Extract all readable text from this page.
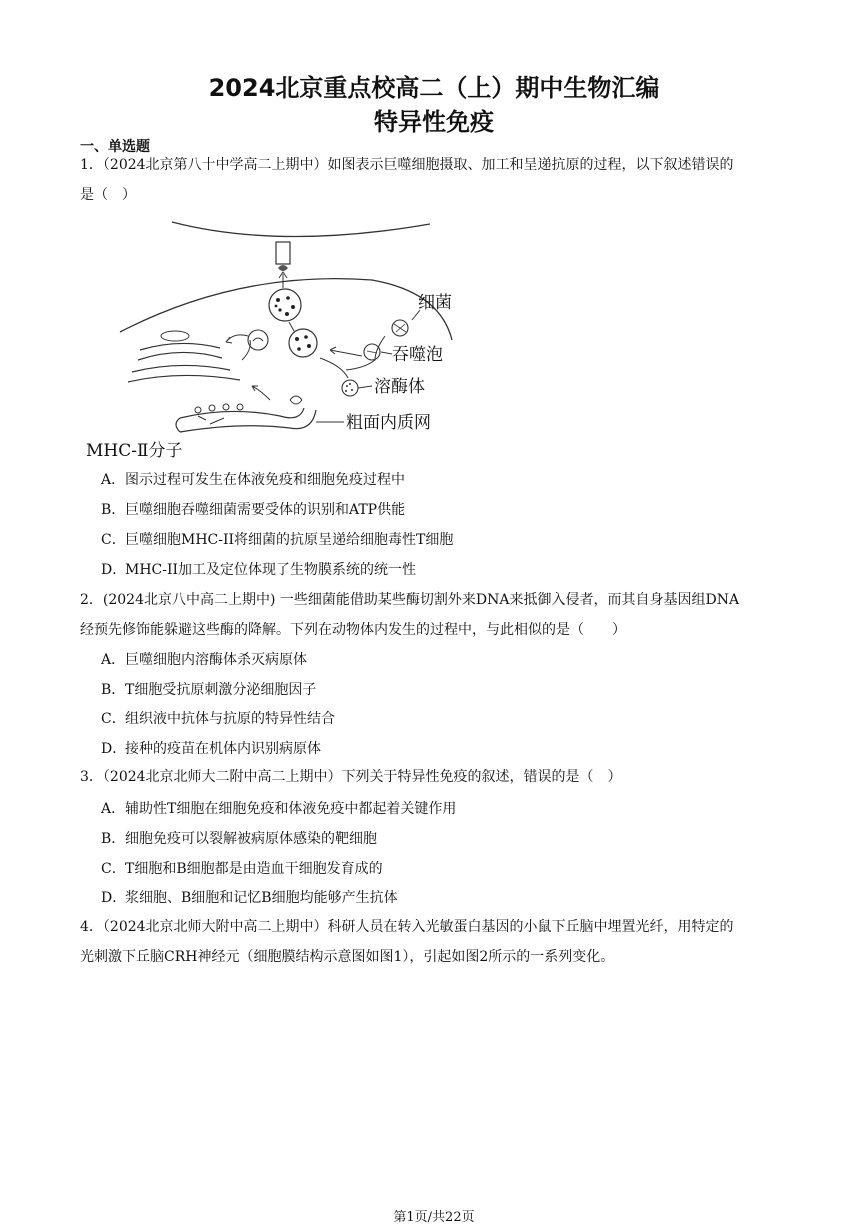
2024北京重点校高二（上）期中生物汇编
特异性免疫
一、单选题
1．（2024北京第八十中学高二上期中）如图表示巨噬细胞摄取、加工和呈递抗原的过程，以下叙述错误的
是（　）
细菌
吞噬泡
溶酶体
粗面内质网
MHC-Ⅱ分子
A．图示过程可发生在体液免疫和细胞免疫过程中
B．巨噬细胞吞噬细菌需要受体的识别和ATP供能
C．巨噬细胞MHC-II将细菌的抗原呈递给细胞毒性T细胞
D．MHC-II加工及定位体现了生物膜系统的统一性
2．(2024北京八中高二上期中) 一些细菌能借助某些酶切割外来DNA来抵御入侵者，而其自身基因组DNA
经预先修饰能躲避这些酶的降解。下列在动物体内发生的过程中，与此相似的是（　　）
A．巨噬细胞内溶酶体杀灭病原体
B．T细胞受抗原刺激分泌细胞因子
C．组织液中抗体与抗原的特异性结合
D．接种的疫苗在机体内识别病原体
3．（2024北京北师大二附中高二上期中）下列关于特异性免疫的叙述，错误的是（　）
A．辅助性T细胞在细胞免疫和体液免疫中都起着关键作用
B．细胞免疫可以裂解被病原体感染的靶细胞
C．T细胞和B细胞都是由造血干细胞发育成的
D．浆细胞、B细胞和记忆B细胞均能够产生抗体
4．（2024北京北师大附中高二上期中）科研人员在转入光敏蛋白基因的小鼠下丘脑中埋置光纤，用特定的
光刺激下丘脑CRH神经元（细胞膜结构示意图如图1），引起如图2所示的一系列变化。
第1页/共22页
